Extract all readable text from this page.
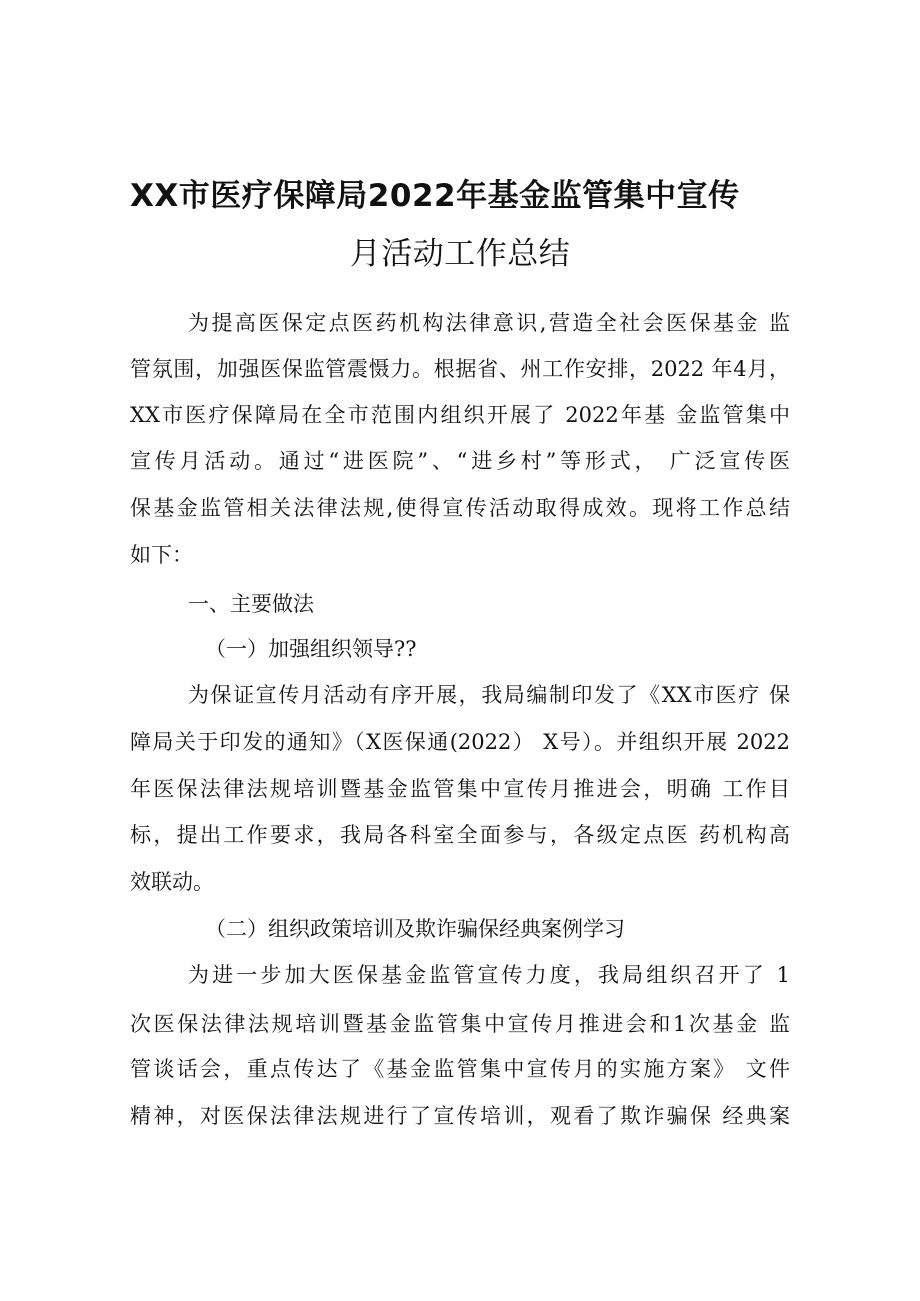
XX市医疗保障局2022年基金监管集中宣传
月活动工作总结
为提高医保定点医药机构法律意识,营造全社会医保基金 监
管氛围，加强医保监管震慑力。根据省、州工作安排，2022 年4月，
XX市医疗保障局在全市范围内组织开展了 2022年基 金监管集中
宣传月活动。通过“进医院”、“进乡村”等形式， 广泛宣传医
保基金监管相关法律法规,使得宣传活动取得成效。现将工作总结
如下：
一、主要做法
（一）加强组织领导??
为保证宣传月活动有序开展，我局编制印发了《XX市医疗 保
障局关于印发的通知》（X医保通(2022） X号）。并组织开展 2022
年医保法律法规培训暨基金监管集中宣传月推进会，明确 工作目
标，提出工作要求，我局各科室全面参与，各级定点医 药机构高
效联动。
（二）组织政策培训及欺诈骗保经典案例学习
为进一步加大医保基金监管宣传力度，我局组织召开了 1
次医保法律法规培训暨基金监管集中宣传月推进会和1次基金 监
管谈话会，重点传达了《基金监管集中宣传月的实施方案》 文件
精神，对医保法律法规进行了宣传培训，观看了欺诈骗保 经典案
